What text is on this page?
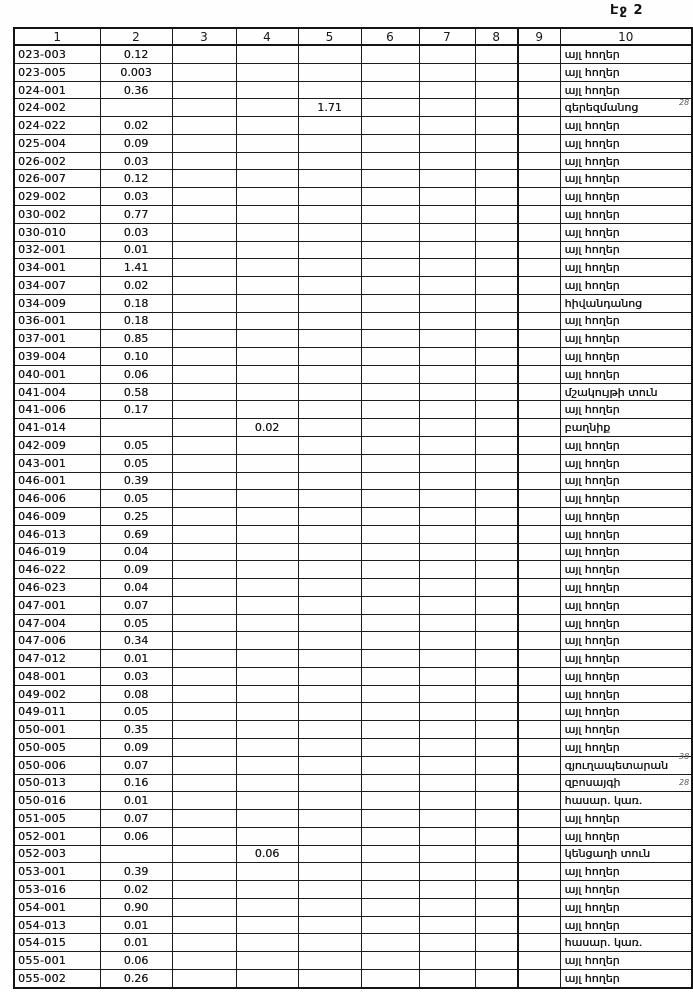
Էջ 2
1	2	3	4	5	6	7	8	9	10
023-003	0.12								այլ հողեր
023-005	0.003								այլ հողեր
024-001	0.36								այլ հողեր
024-002				1.71					գերեզմանոց
024-022	0.02								այլ հողեր
025-004	0.09								այլ հողեր
026-002	0.03								այլ հողեր
026-007	0.12								այլ հողեր
029-002	0.03								այլ հողեր
030-002	0.77								այլ հողեր
030-010	0.03								այլ հողեր
032-001	0.01								այլ հողեր
034-001	1.41								այլ հողեր
034-007	0.02								այլ հողեր
034-009	0.18								հիվանդանոց
036-001	0.18								այլ հողեր
037-001	0.85								այլ հողեր
039-004	0.10								այլ հողեր
040-001	0.06								այլ հողեր
041-004	0.58								մշակույթի տուն
041-006	0.17								այլ հողեր
041-014			0.02						բաղնիք
042-009	0.05								այլ հողեր
043-001	0.05								այլ հողեր
046-001	0.39								այլ հողեր
046-006	0.05								այլ հողեր
046-009	0.25								այլ հողեր
046-013	0.69								այլ հողեր
046-019	0.04								այլ հողեր
046-022	0.09								այլ հողեր
046-023	0.04								այլ հողեր
047-001	0.07								այլ հողեր
047-004	0.05								այլ հողեր
047-006	0.34								այլ հողեր
047-012	0.01								այլ հողեր
048-001	0.03								այլ հողեր
049-002	0.08								այլ հողեր
049-011	0.05								այլ հողեր
050-001	0.35								այլ հողեր
050-005	0.09								այլ հողեր
050-006	0.07								գյուղապետարան
050-013	0.16								զբոսայգի
050-016	0.01								հասար. կառ.
051-005	0.07								այլ հողեր
052-001	0.06								այլ հողեր
052-003			0.06						կենցաղի տուն
053-001	0.39								այլ հողեր
053-016	0.02								այլ հողեր
054-001	0.90								այլ հողեր
054-013	0.01								այլ հողեր
054-015	0.01								հասար. կառ.
055-001	0.06								այլ հողեր
055-002	0.26								այլ հողեր
28
38
28
